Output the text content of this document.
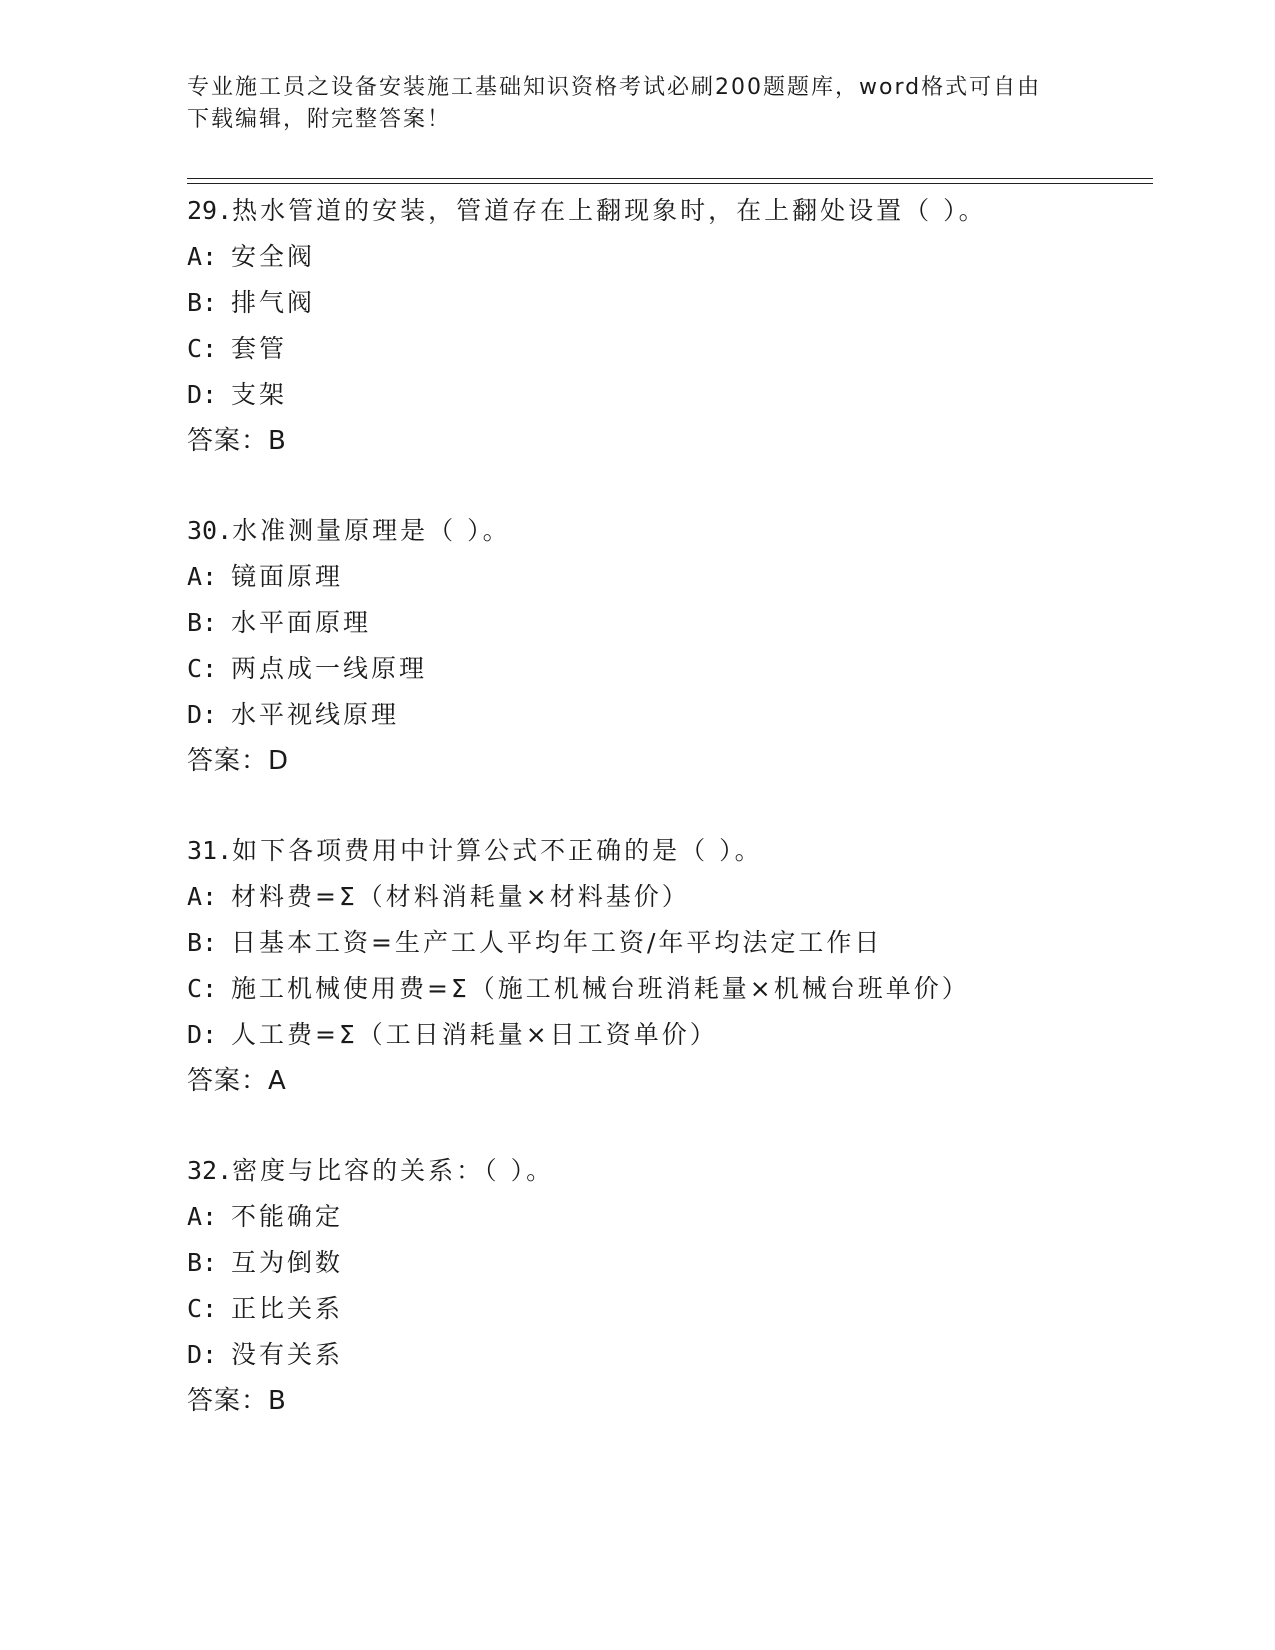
专业施工员之设备安装施工基础知识资格考试必刷200题题库，word格式可自由
下载编辑，附完整答案！
29.热水管道的安装，管道存在上翻现象时，在上翻处设置（ ）。
A: 安全阀
B: 排气阀
C: 套管
D: 支架
答案：B
30.水准测量原理是（ ）。
A: 镜面原理
B: 水平面原理
C: 两点成一线原理
D: 水平视线原理
答案：D
31.如下各项费用中计算公式不正确的是（ ）。
A: 材料费=Σ（材料消耗量×材料基价）
B: 日基本工资=生产工人平均年工资/年平均法定工作日
C: 施工机械使用费=Σ（施工机械台班消耗量×机械台班单价）
D: 人工费=Σ（工日消耗量×日工资单价）
答案：A
32.密度与比容的关系：（ ）。
A: 不能确定
B: 互为倒数
C: 正比关系
D: 没有关系
答案：B
